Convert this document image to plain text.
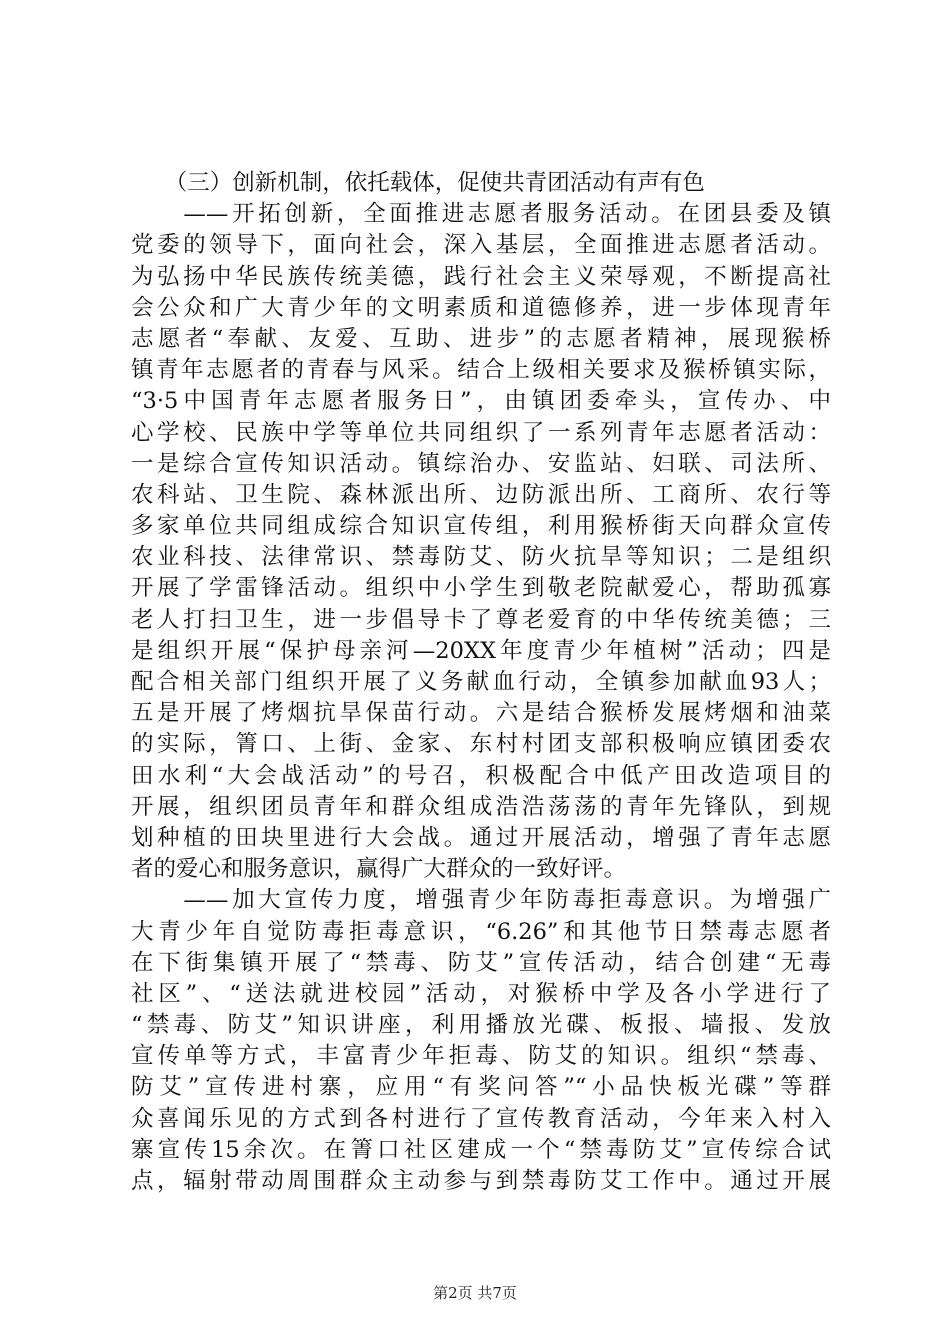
　　（三）创新机制，依托载体，促使共青团活动有声有色
　　——开拓创新，全面推进志愿者服务活动。在团县委及镇
党委的领导下，面向社会，深入基层，全面推进志愿者活动。
为弘扬中华民族传统美德，践行社会主义荣辱观，不断提高社
会公众和广大青少年的文明素质和道德修养，进一步体现青年
志愿者“奉献、友爱、互助、进步”的志愿者精神，展现猴桥
镇青年志愿者的青春与风采。结合上级相关要求及猴桥镇实际，
“3·5中国青年志愿者服务日”，由镇团委牵头，宣传办、中
心学校、民族中学等单位共同组织了一系列青年志愿者活动：
一是综合宣传知识活动。镇综治办、安监站、妇联、司法所、
农科站、卫生院、森林派出所、边防派出所、工商所、农行等
多家单位共同组成综合知识宣传组，利用猴桥街天向群众宣传
农业科技、法律常识、禁毒防艾、防火抗旱等知识；二是组织
开展了学雷锋活动。组织中小学生到敬老院献爱心，帮助孤寡
老人打扫卫生，进一步倡导卡了尊老爱育的中华传统美德；三
是组织开展“保护母亲河—20XX年度青少年植树”活动；四是
配合相关部门组织开展了义务献血行动，全镇参加献血93人；
五是开展了烤烟抗旱保苗行动。六是结合猴桥发展烤烟和油菜
的实际，箐口、上街、金家、东村村团支部积极响应镇团委农
田水利“大会战活动”的号召，积极配合中低产田改造项目的
开展，组织团员青年和群众组成浩浩荡荡的青年先锋队，到规
划种植的田块里进行大会战。通过开展活动，增强了青年志愿
者的爱心和服务意识，赢得广大群众的一致好评。
　　——加大宣传力度，增强青少年防毒拒毒意识。为增强广
大青少年自觉防毒拒毒意识，“6.26”和其他节日禁毒志愿者
在下街集镇开展了“禁毒、防艾”宣传活动，结合创建“无毒
社区”、“送法就进校园”活动，对猴桥中学及各小学进行了
“禁毒、防艾”知识讲座，利用播放光碟、板报、墙报、发放
宣传单等方式，丰富青少年拒毒、防艾的知识。组织“禁毒、
防艾”宣传进村寨，应用“有奖问答”“小品快板光碟”等群
众喜闻乐见的方式到各村进行了宣传教育活动，今年来入村入
寨宣传15余次。在箐口社区建成一个“禁毒防艾”宣传综合试
点，辐射带动周围群众主动参与到禁毒防艾工作中。通过开展
第2页 共7页
